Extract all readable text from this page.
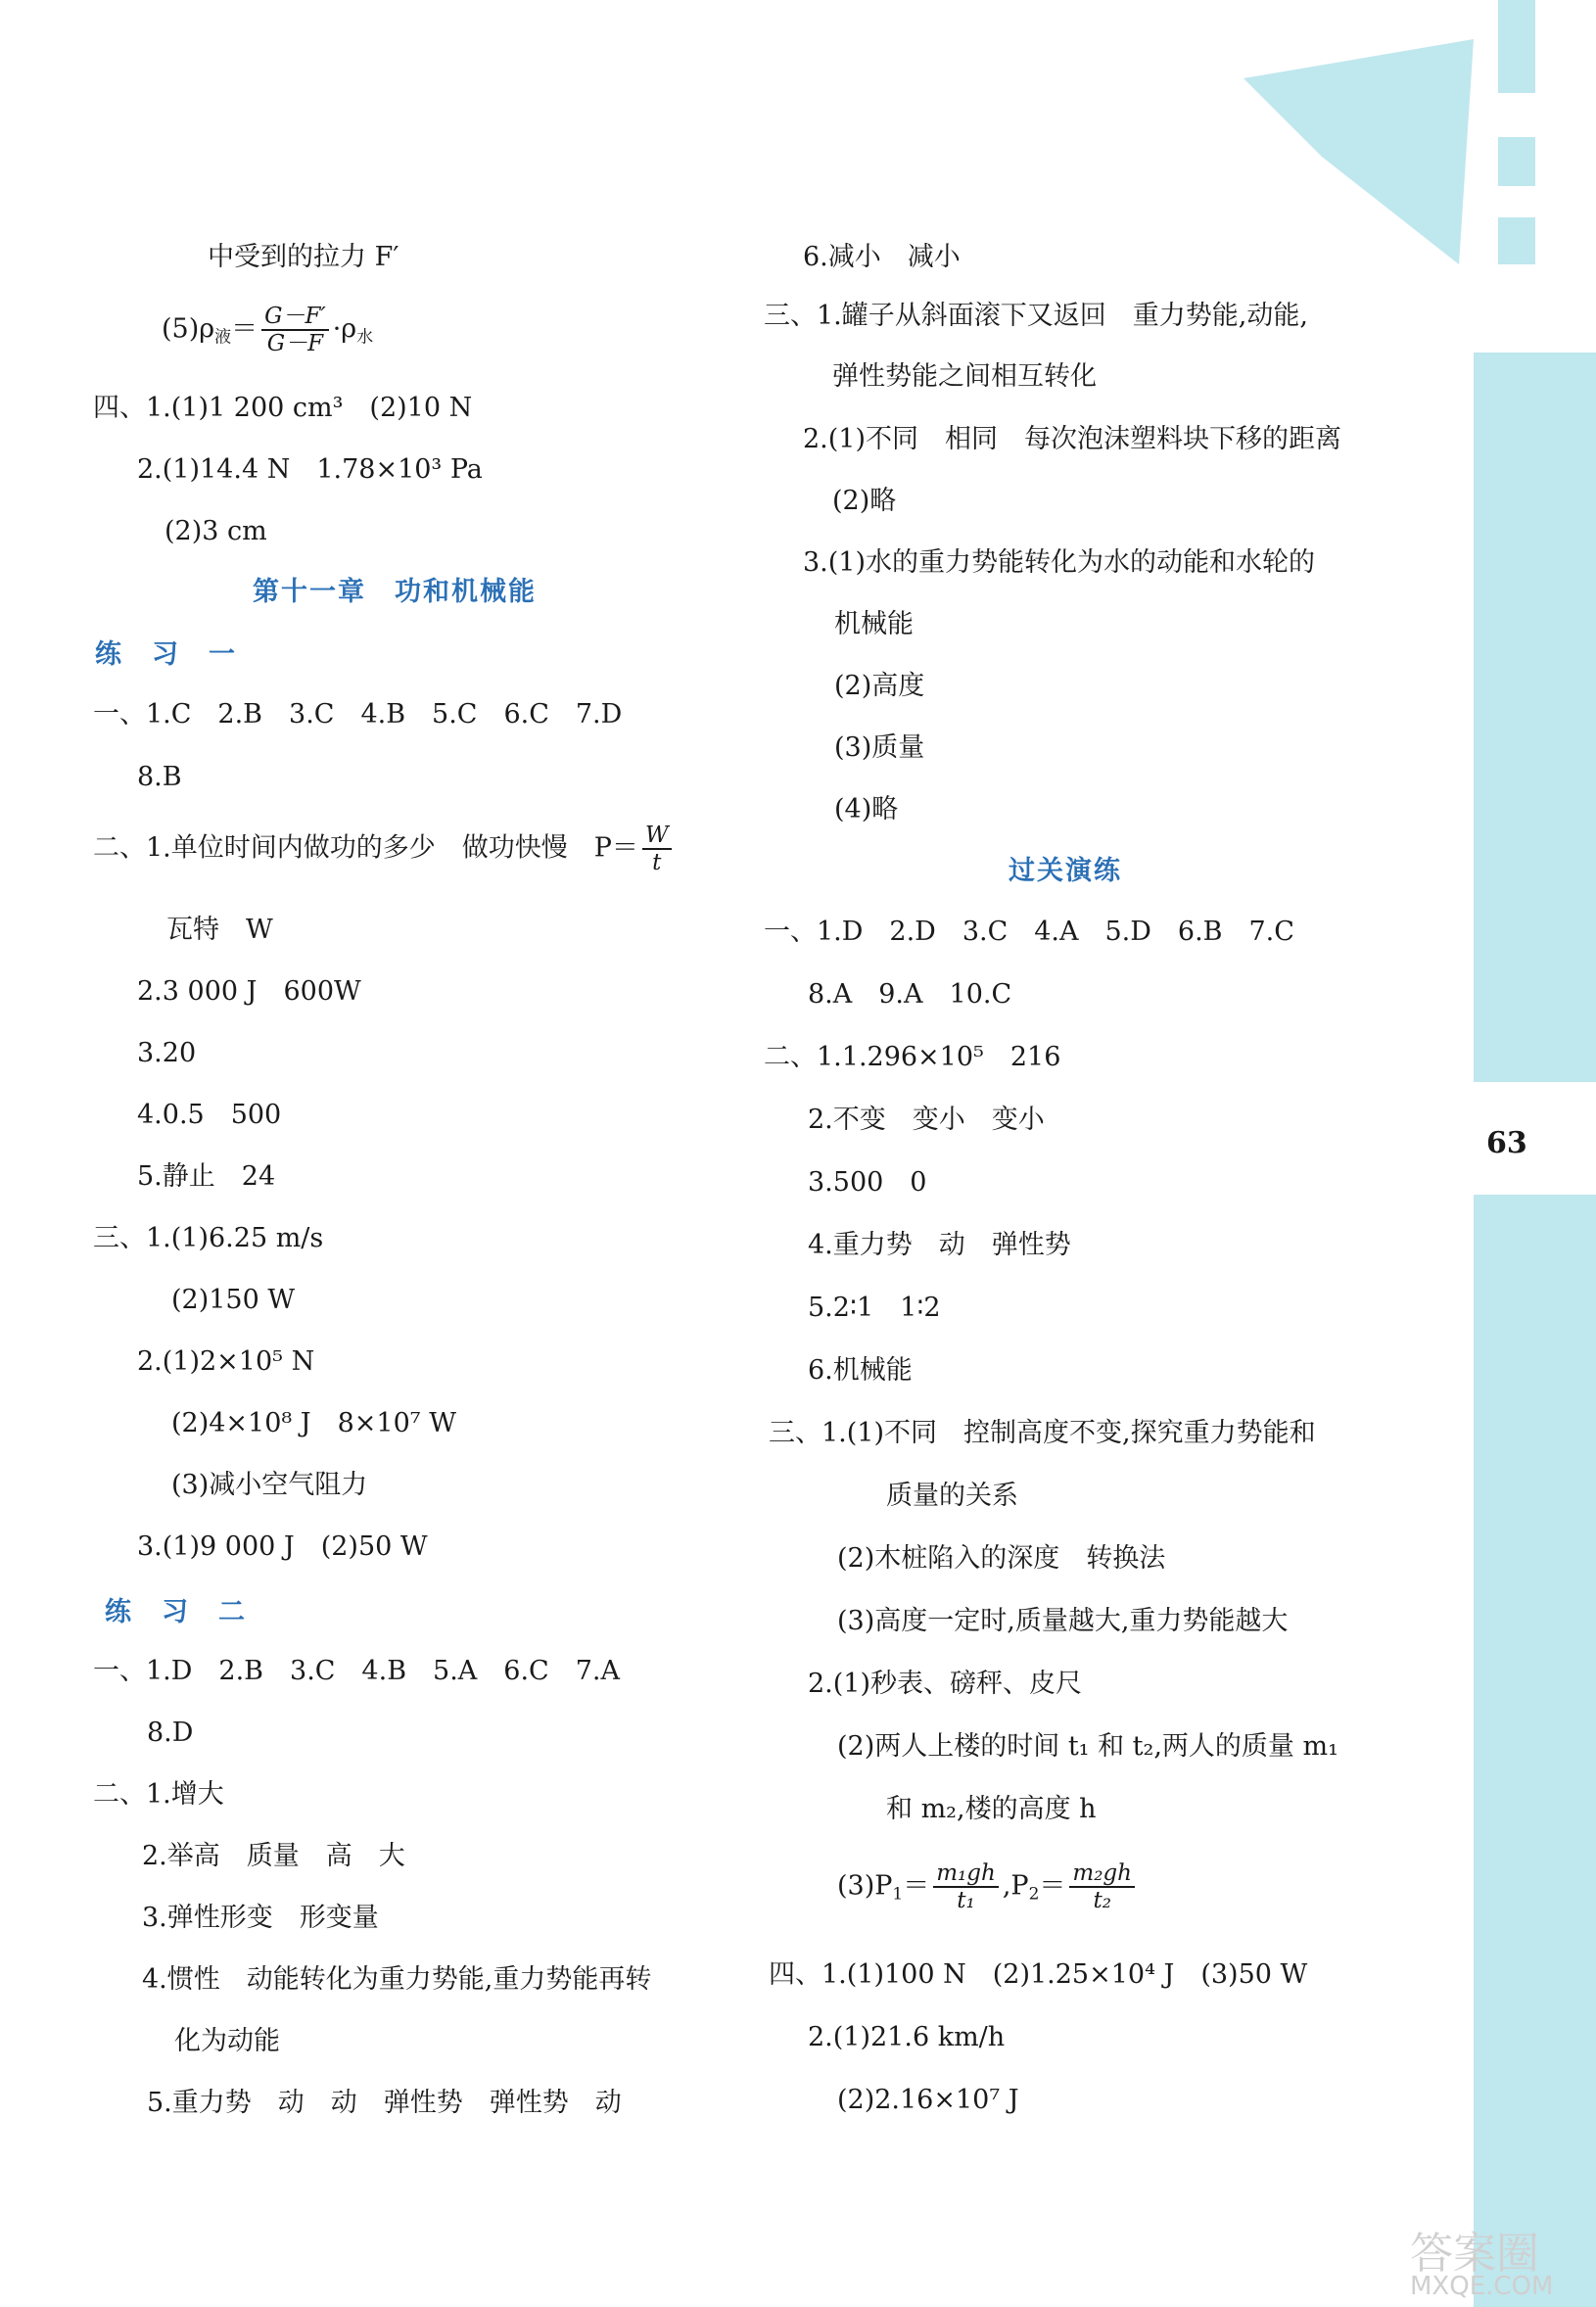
63
中受到的拉力 F′
$(5)\rho_液= \frac{G-F'}{G-F} \cdot\rho_水$
四、1.(1)1 200 cm³　(2)10 N
2.(1)14.4 N　1.78×10³ Pa
(2)3 cm
第十一章　功和机械能
练　习　一
一、1.C　2.B　3.C　4.B　5.C　6.C　7.D
8.B
二、1.单位时间内做功的多少　做功快慢　$P= \frac{W}{t}$
瓦特　W
2.3 000 J　600W
3.20
4.0.5　500
5.静止　24
三、1.(1)6.25 m/s
(2)150 W
2.(1)2×10⁵ N
(2)4×10⁸ J　8×10⁷ W
(3)减小空气阻力
3.(1)9 000 J　(2)50 W
练　习　二
一、1.D　2.B　3.C　4.B　5.A　6.C　7.A
8.D
二、1.增大
2.举高　质量　高　大
3.弹性形变　形变量
4.惯性　动能转化为重力势能,重力势能再转
化为动能
5.重力势　动　动　弹性势　弹性势　动
6.减小　减小
三、1.罐子从斜面滚下又返回　重力势能,动能,
弹性势能之间相互转化
2.(1)不同　相同　每次泡沫塑料块下移的距离
(2)略
3.(1)水的重力势能转化为水的动能和水轮的
机械能
(2)高度
(3)质量
(4)略
过关演练
一、1.D　2.D　3.C　4.A　5.D　6.B　7.C
8.A　9.A　10.C
二、1.1.296×10⁵　216
2.不变　变小　变小
3.500　0
4.重力势　动　弹性势
5.2∶1　1∶2
6.机械能
三、1.(1)不同　控制高度不变,探究重力势能和
质量的关系
(2)木桩陷入的深度　转换法
(3)高度一定时,质量越大,重力势能越大
2.(1)秒表、磅秤、皮尺
(2)两人上楼的时间 t₁ 和 t₂,两人的质量 m₁
和 m₂,楼的高度 h
$(3)P_1= \frac{\text{m₁gh}}{\text{t₁}} ,P_2= \frac{\text{m₂gh}}{\text{t₂}}$
四、1.(1)100 N　(2)1.25×10⁴ J　(3)50 W
2.(1)21.6 km/h
(2)2.16×10⁷ J
答案圈
MXQE.COM
